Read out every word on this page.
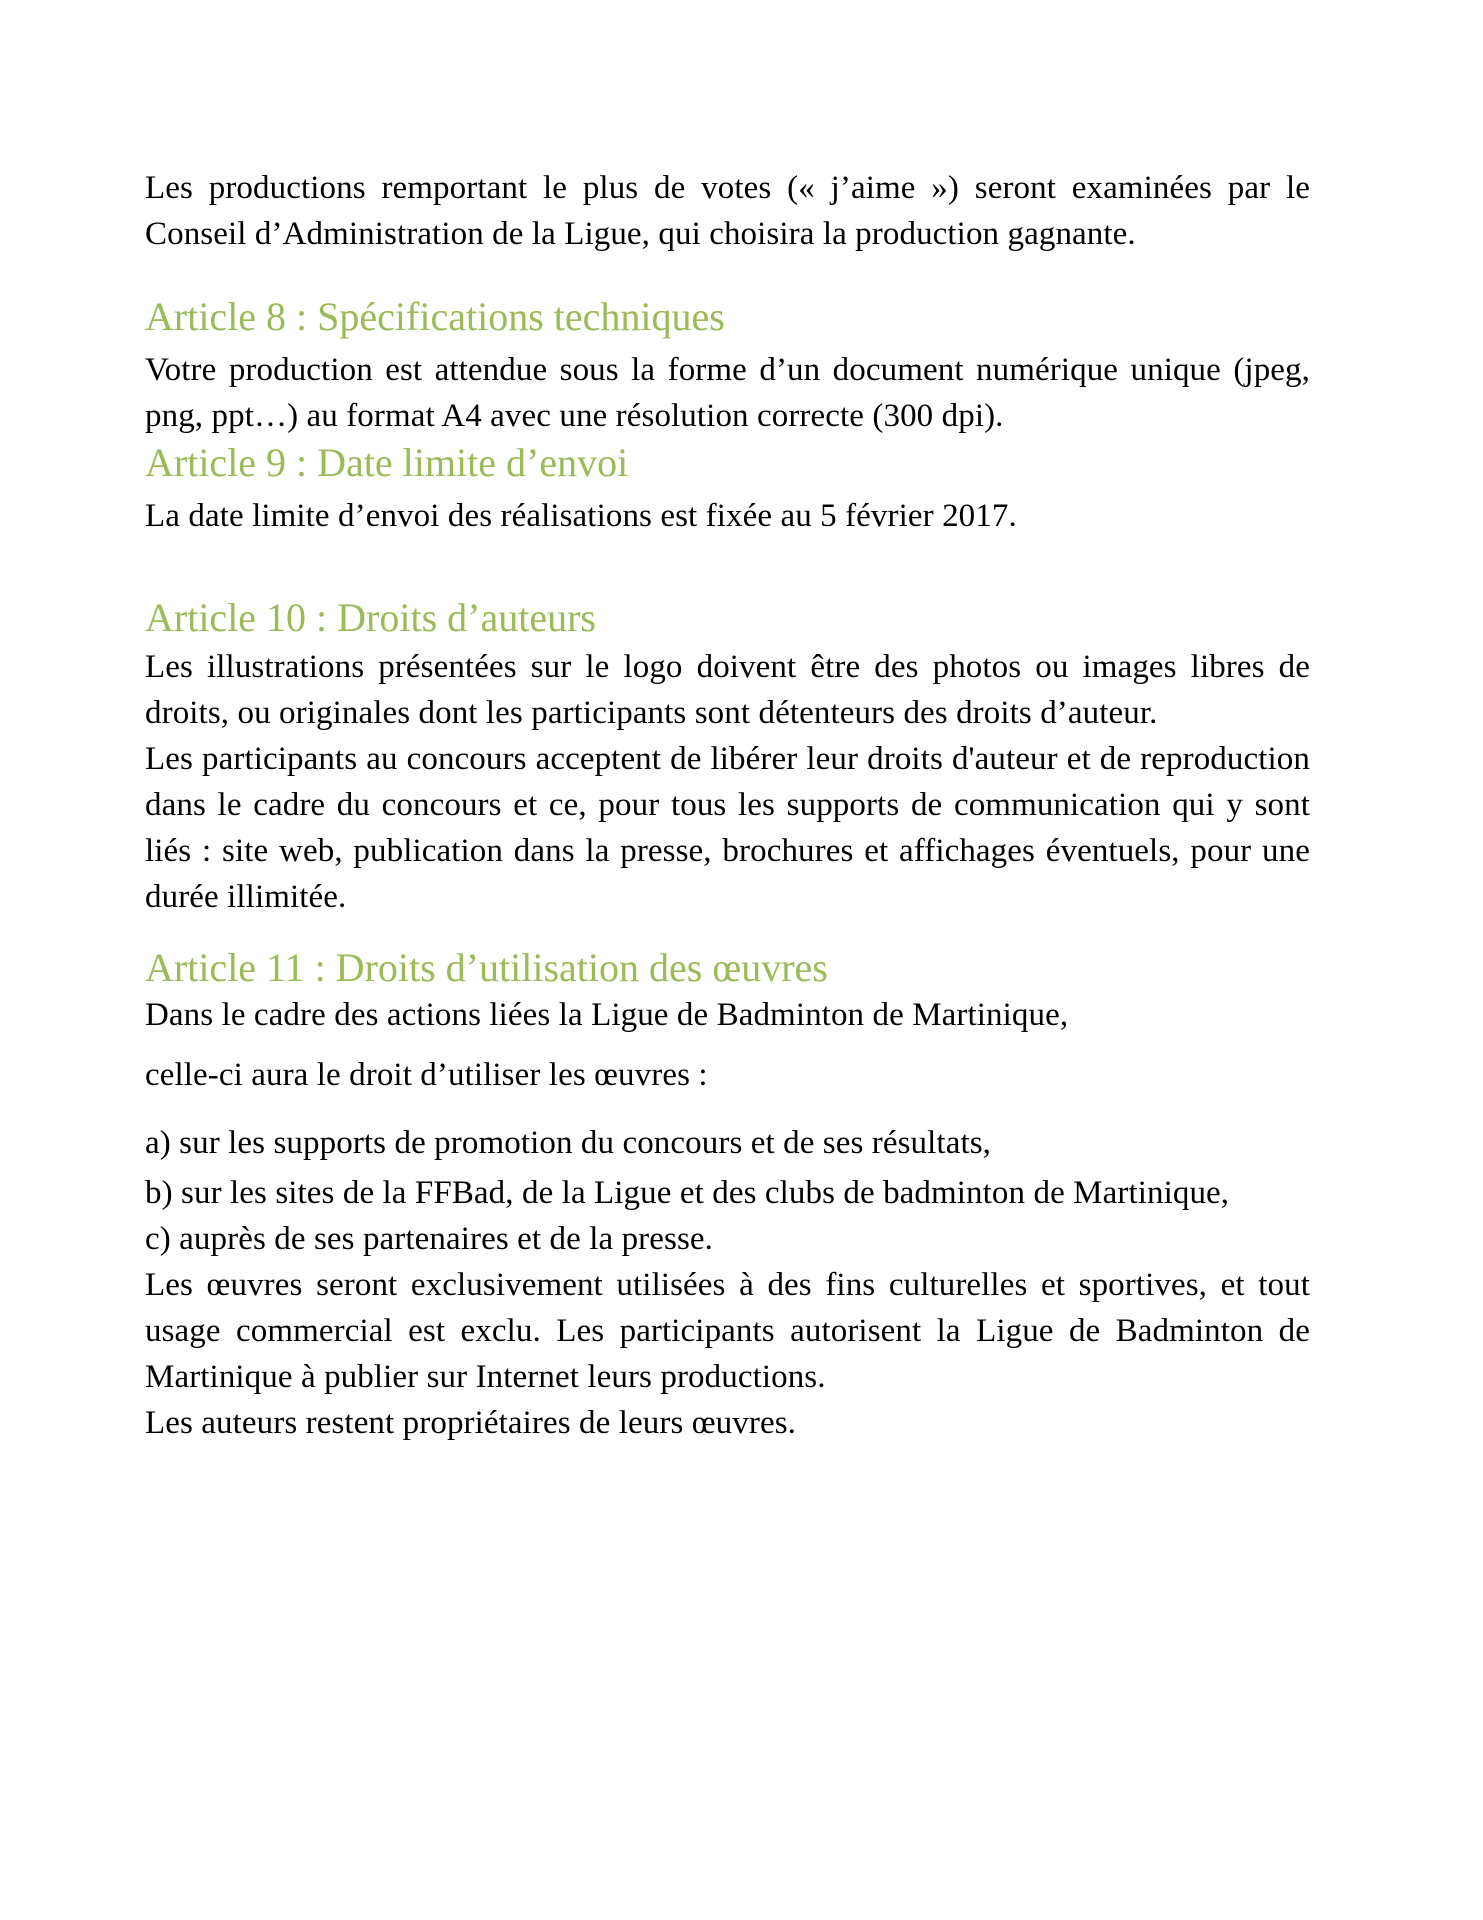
Les productions remportant le plus de votes (« j’aime ») seront examinées par le Conseil d’Administration de la Ligue, qui choisira la production gagnante.

Article 8 : Spécifications techniques

Votre production est attendue sous la forme d’un document numérique unique (jpeg, png, ppt…) au format A4 avec une résolution correcte (300 dpi).

Article 9 : Date limite d’envoi

La date limite d’envoi des réalisations est fixée au 5 février 2017.

Article 10 : Droits d’auteurs

Les illustrations présentées sur le logo doivent être des photos ou images libres de droits, ou originales dont les participants sont détenteurs des droits d’auteur.

Les participants au concours acceptent de libérer leur droits d'auteur et de reproduction dans le cadre du concours et ce, pour tous les supports de communication qui y sont liés : site web, publication dans la presse, brochures et affichages éventuels, pour une durée illimitée.

Article 11 : Droits d’utilisation des œuvres

Dans le cadre des actions liées la Ligue de Badminton de Martinique,

celle-ci aura le droit d’utiliser les œuvres :

a) sur les supports de promotion du concours et de ses résultats,

b) sur les sites de la FFBad, de la Ligue et des clubs de badminton de Martinique,

c) auprès de ses partenaires et de la presse.

Les œuvres seront exclusivement utilisées à des fins culturelles et sportives, et tout usage commercial est exclu. Les participants autorisent la Ligue de Badminton de Martinique à publier sur Internet leurs productions.

Les auteurs restent propriétaires de leurs œuvres.
